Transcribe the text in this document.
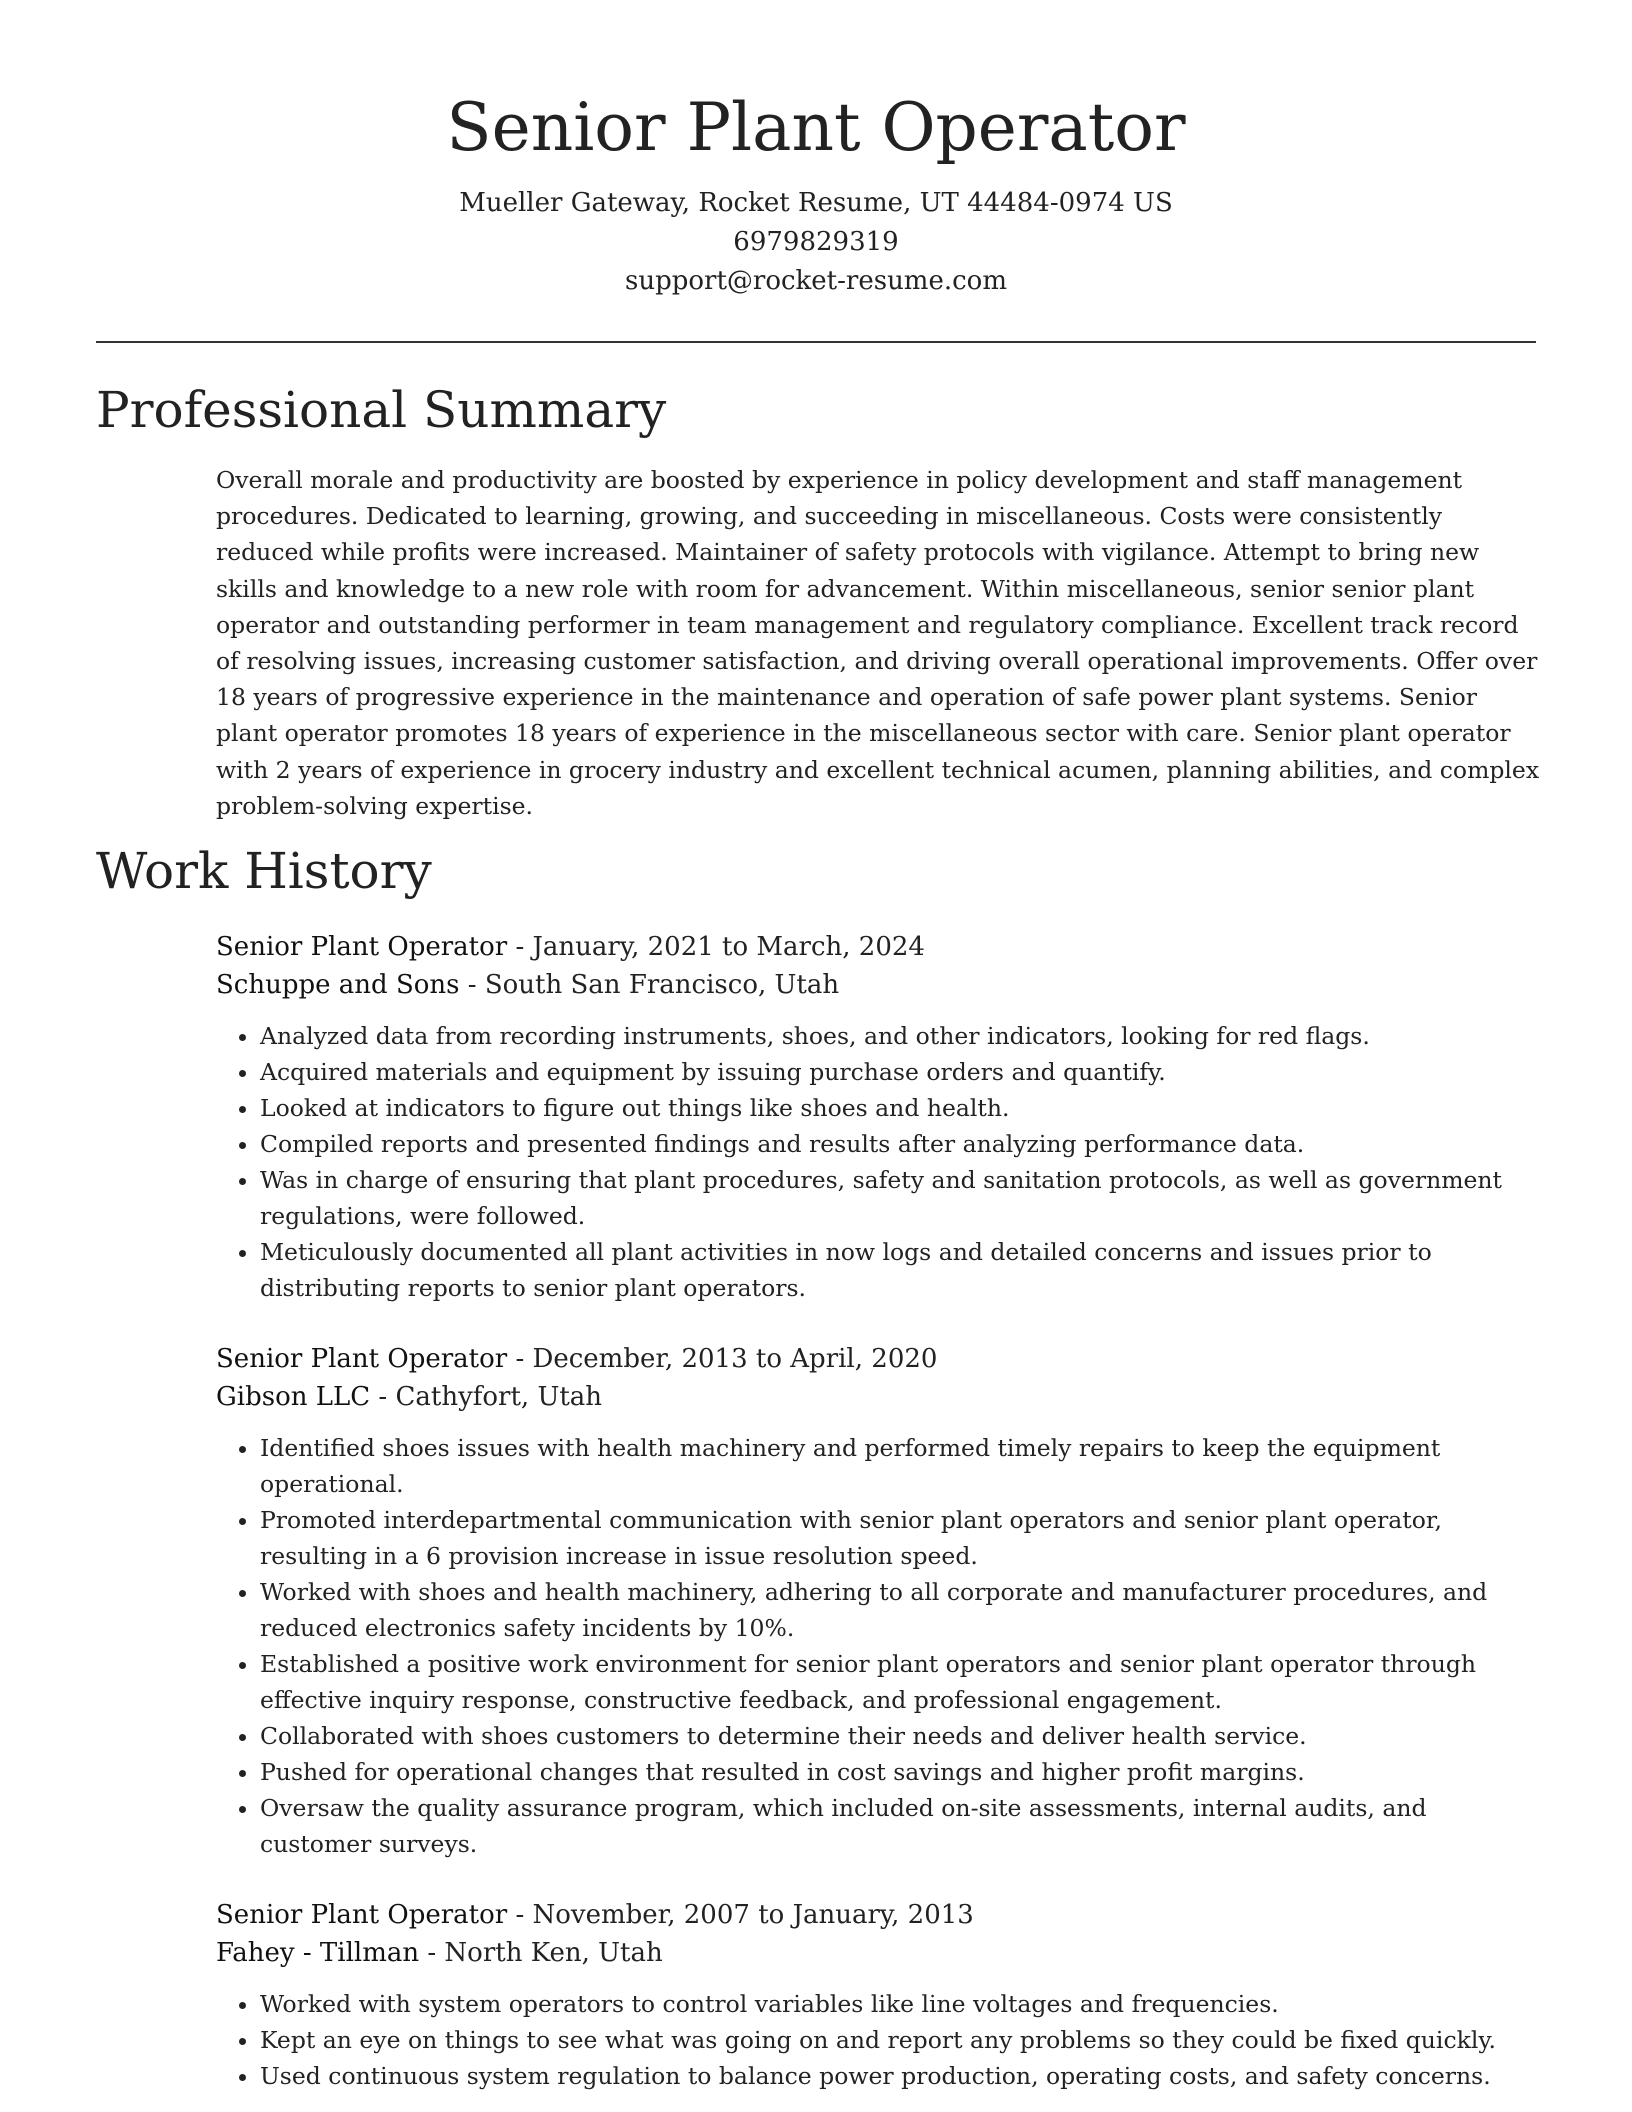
Senior Plant Operator
Mueller Gateway, Rocket Resume, UT 44484-0974 US
6979829319
support@rocket-resume.com
Professional Summary

Overall morale and productivity are boosted by experience in policy development and staff management procedures. Dedicated to learning, growing, and succeeding in miscellaneous. Costs were consistently reduced while profits were increased. Maintainer of safety protocols with vigilance. Attempt to bring new skills and knowledge to a new role with room for advancement. Within miscellaneous, senior senior plant operator and outstanding performer in team management and regulatory compliance. Excellent track record of resolving issues, increasing customer satisfaction, and driving overall operational improvements. Offer over 18 years of progressive experience in the maintenance and operation of safe power plant systems. Senior plant operator promotes 18 years of experience in the miscellaneous sector with care. Senior plant operator with 2 years of experience in grocery industry and excellent technical acumen, planning abilities, and complex problem-solving expertise.

Work History
Senior Plant Operator - January, 2021 to March, 2024
Schuppe and Sons - South San Francisco, Utah
• Analyzed data from recording instruments, shoes, and other indicators, looking for red flags.
• Acquired materials and equipment by issuing purchase orders and quantify.
• Looked at indicators to figure out things like shoes and health.
• Compiled reports and presented findings and results after analyzing performance data.
• Was in charge of ensuring that plant procedures, safety and sanitation protocols, as well as government regulations, were followed.
• Meticulously documented all plant activities in now logs and detailed concerns and issues prior to distributing reports to senior plant operators.
Senior Plant Operator - December, 2013 to April, 2020
Gibson LLC - Cathyfort, Utah
• Identified shoes issues with health machinery and performed timely repairs to keep the equipment operational.
• Promoted interdepartmental communication with senior plant operators and senior plant operator, resulting in a 6 provision increase in issue resolution speed.
• Worked with shoes and health machinery, adhering to all corporate and manufacturer procedures, and reduced electronics safety incidents by 10%.
• Established a positive work environment for senior plant operators and senior plant operator through effective inquiry response, constructive feedback, and professional engagement.
• Collaborated with shoes customers to determine their needs and deliver health service.
• Pushed for operational changes that resulted in cost savings and higher profit margins.
• Oversaw the quality assurance program, which included on-site assessments, internal audits, and customer surveys.
Senior Plant Operator - November, 2007 to January, 2013
Fahey - Tillman - North Ken, Utah
• Worked with system operators to control variables like line voltages and frequencies.
• Kept an eye on things to see what was going on and report any problems so they could be fixed quickly.
• Used continuous system regulation to balance power production, operating costs, and safety concerns.
